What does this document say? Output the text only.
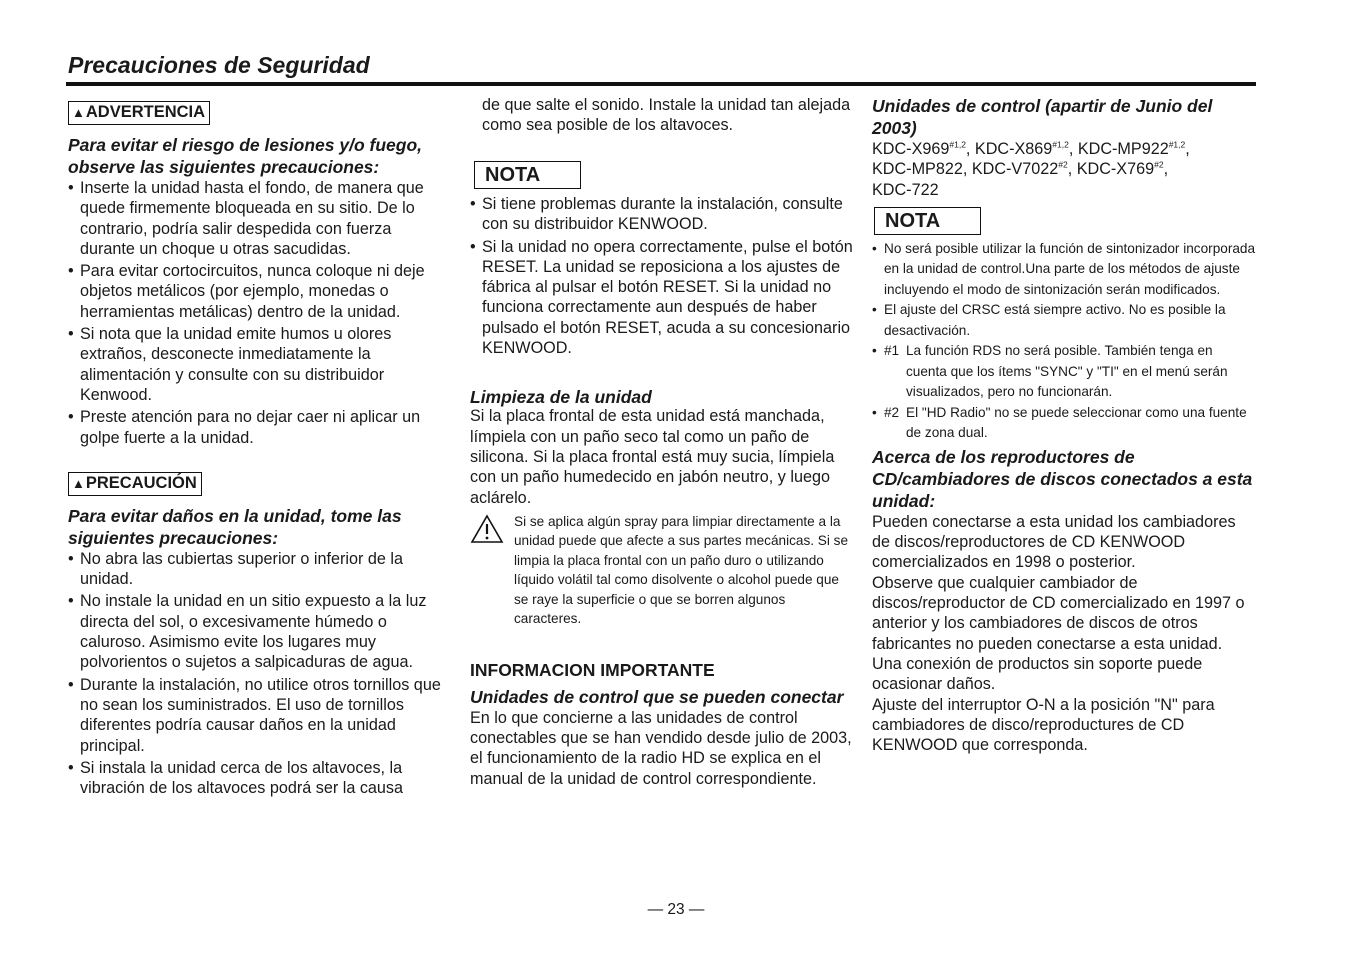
Precauciones de Seguridad
▲ADVERTENCIA
Para evitar el riesgo de lesiones y/o fuego, observe las siguientes precauciones:
• Inserte la unidad hasta el fondo, de manera que quede firmemente bloqueada en su sitio. De lo contrario, podría salir despedida con fuerza durante un choque u otras sacudidas.
• Para evitar cortocircuitos, nunca coloque ni deje objetos metálicos (por ejemplo, monedas o herramientas metálicas) dentro de la unidad.
• Si nota que la unidad emite humos u olores extraños, desconecte inmediatamente la alimentación y consulte con su distribuidor Kenwood.
• Preste atención para no dejar caer ni aplicar un golpe fuerte a la unidad.
▲PRECAUCIÓN
Para evitar daños en la unidad, tome las siguientes precauciones:
• No abra las cubiertas superior o inferior de la unidad.
• No instale la unidad en un sitio expuesto a la luz directa del sol, o excesivamente húmedo o caluroso. Asimismo evite los lugares muy polvorientos o sujetos a salpicaduras de agua.
• Durante la instalación, no utilice otros tornillos que no sean los suministrados. El uso de tornillos diferentes podría causar daños en la unidad principal.
• Si instala la unidad cerca de los altavoces, la vibración de los altavoces podrá ser la causa

de que salte el sonido. Instale la unidad tan alejada como sea posible de los altavoces.

NOTA
• Si tiene problemas durante la instalación, consulte con su distribuidor KENWOOD.
• Si la unidad no opera correctamente, pulse el botón RESET. La unidad se reposiciona a los ajustes de fábrica al pulsar el botón RESET. Si la unidad no funciona correctamente aun después de haber pulsado el botón RESET, acuda a su concesionario KENWOOD.
Limpieza de la unidad

Si la placa frontal de esta unidad está manchada, límpiela con un paño seco tal como un paño de silicona. Si la placa frontal está muy sucia, límpiela con un paño humedecido en jabón neutro, y luego aclárelo.

Si se aplica algún spray para limpiar directamente a la unidad puede que afecte a sus partes mecánicas. Si se limpia la placa frontal con un paño duro o utilizando líquido volátil tal como disolvente o alcohol puede que se raye la superficie o que se borren algunos caracteres.
INFORMACION IMPORTANTE
Unidades de control que se pueden conectar

En lo que concierne a las unidades de control conectables que se han vendido desde julio de 2003, el funcionamiento de la radio HD se explica en el manual de la unidad de control correspondiente.

Unidades de control (apartir de Junio del 2003)

KDC-X969$^{\#1,2}$, KDC-X869$^{\#1,2}$, KDC-MP922$^{\#1,2}$,
KDC-MP822, KDC-V7022$^{\#2}$, KDC-X769$^{\#2}$,
KDC-722

NOTA
• No será posible utilizar la función de sintonizador incorporada en la unidad de control.Una parte de los métodos de ajuste incluyendo el modo de sintonización serán modificados.
• El ajuste del CRSC está siempre activo. No es posible la desactivación.
• #1 La función RDS no será posible. También tenga en cuenta que los ítems "SYNC" y "TI" en el menú serán visualizados, pero no funcionarán.
• #2 El "HD Radio" no se puede seleccionar como una fuente de zona dual.
Acerca de los reproductores de CD/cambiadores de discos conectados a esta unidad:

Pueden conectarse a esta unidad los cambiadores de discos/reproductores de CD KENWOOD comercializados en 1998 o posterior.

Observe que cualquier cambiador de discos/reproductor de CD comercializado en 1997 o anterior y los cambiadores de discos de otros fabricantes no pueden conectarse a esta unidad.

Una conexión de productos sin soporte puede ocasionar daños.

Ajuste del interruptor O-N a la posición "N" para cambiadores de disco/reproductures de CD KENWOOD que corresponda.

— 23 —
